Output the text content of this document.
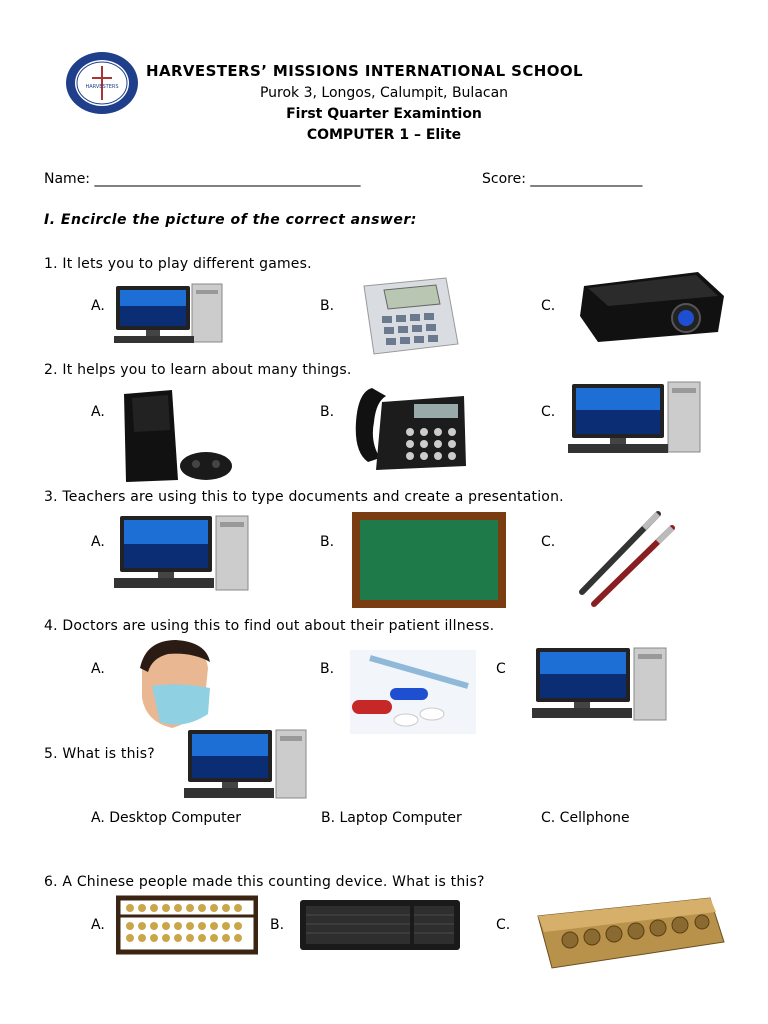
HARVESTERS
HARVESTERS’ MISSIONS INTERNATIONAL SCHOOL
Purok 3, Longos, Calumpit, Bulacan
First Quarter Examintion
COMPUTER 1 – Elite
Name: ______________________________________	Score: ________________
I. Encircle the picture of the correct answer:
1. It lets you to play different games.
A.	B.	C.
2. It helps you to learn about many things.
A.	B.	C.
3. Teachers are using this to type documents and create a presentation.
A.	B.	C.
4. Doctors are using this to find out about their patient illness.
A.	B.	C
5. What is this?
A. Desktop Computer	B. Laptop Computer	C. Cellphone
6. A Chinese people made this counting device. What is this?
A.	B.	C.
